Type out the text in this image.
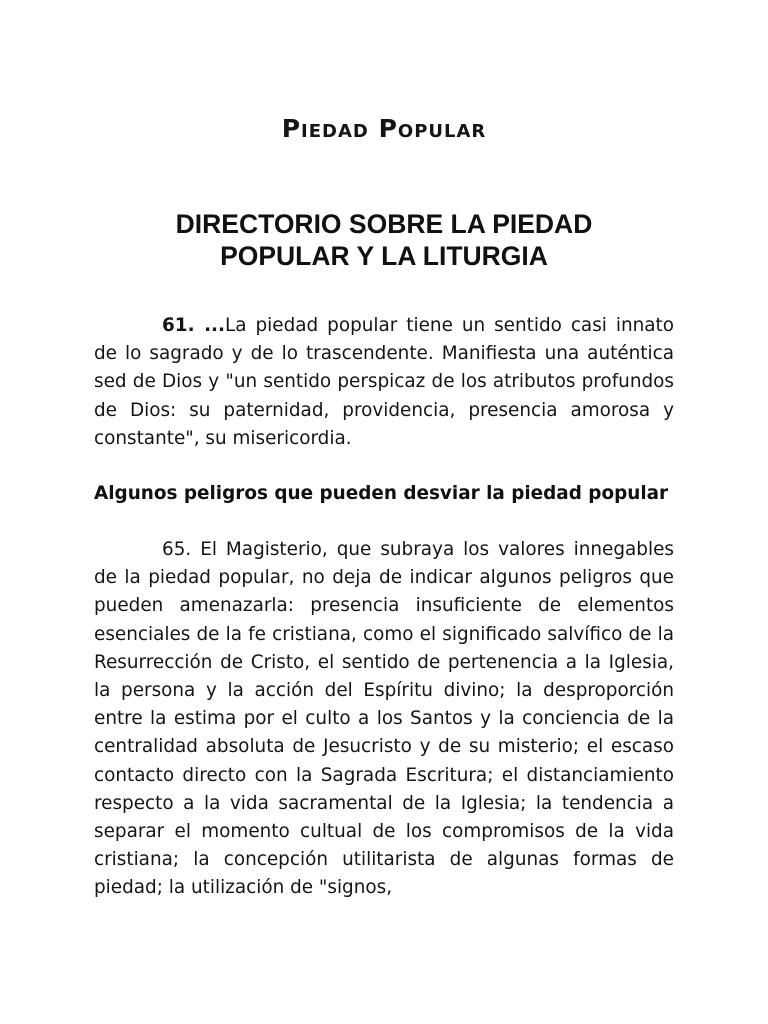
Piedad Popular
DIRECTORIO SOBRE LA PIEDAD
POPULAR Y LA LITURGIA
61. ...La piedad popular tiene un sentido casi innato de lo sagrado y de lo trascendente. Manifiesta una auténtica sed de Dios y "un sentido perspicaz de los atributos profundos de Dios: su paternidad, providencia, presencia amorosa y constante", su misericordia.
Algunos peligros que pueden desviar la piedad popular
65. El Magisterio, que subraya los valores innegables de la piedad popular, no deja de indicar algunos peligros que pueden amenazarla: presencia insuficiente de elementos esenciales de la fe cristiana, como el significado salvífico de la Resurrección de Cristo, el sentido de pertenencia a la Iglesia, la persona y la acción del Espíritu divino; la desproporción entre la estima por el culto a los Santos y la conciencia de la centralidad absoluta de Jesucristo y de su misterio; el escaso contacto directo con la Sagrada Escritura; el distanciamiento respecto a la vida sacramental de la Iglesia; la tendencia a separar el momento cultual de los compromisos de la vida cristiana; la concepción utilitarista de algunas formas de piedad; la utilización de "signos,
